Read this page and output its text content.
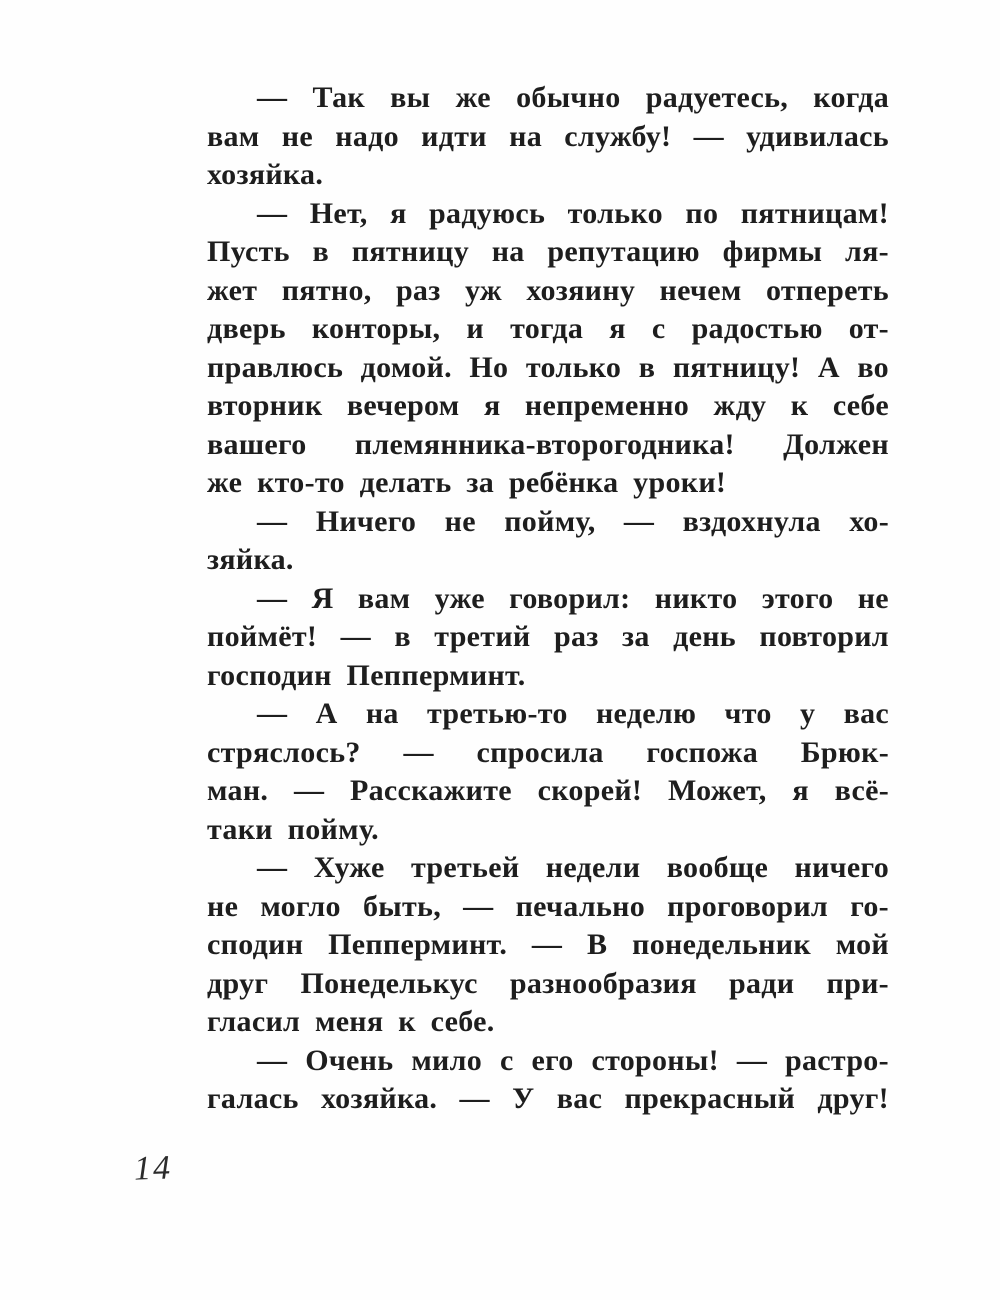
— Так вы же обычно радуетесь, когда
вам не надо идти на службу! — удивилась
хозяйка.
— Нет, я радуюсь только по пятницам!
Пусть в пятницу на репутацию фирмы ля-
жет пятно, раз уж хозяину нечем отпереть
дверь конторы, и тогда я с радостью от-
правлюсь домой. Но только в пятницу! А во
вторник вечером я непременно жду к себе
вашего племянника-второгодника! Должен
же кто-то делать за ребёнка уроки!
— Ничего не пойму, — вздохнула хо-
зяйка.
— Я вам уже говорил: никто этого не
поймёт! — в третий раз за день повторил
господин Пепперминт.
— А на третью-то неделю что у вас
стряслось? — спросила госпожа Брюк-
ман. — Расскажите скорей! Может, я всё-
таки пойму.
— Хуже третьей недели вообще ничего
не могло быть, — печально проговорил го-
сподин Пепперминт. — В понедельник мой
друг Понеделькус разнообразия ради при-
гласил меня к себе.
— Очень мило с его стороны! — растро-
галась хозяйка. — У вас прекрасный друг!
14
